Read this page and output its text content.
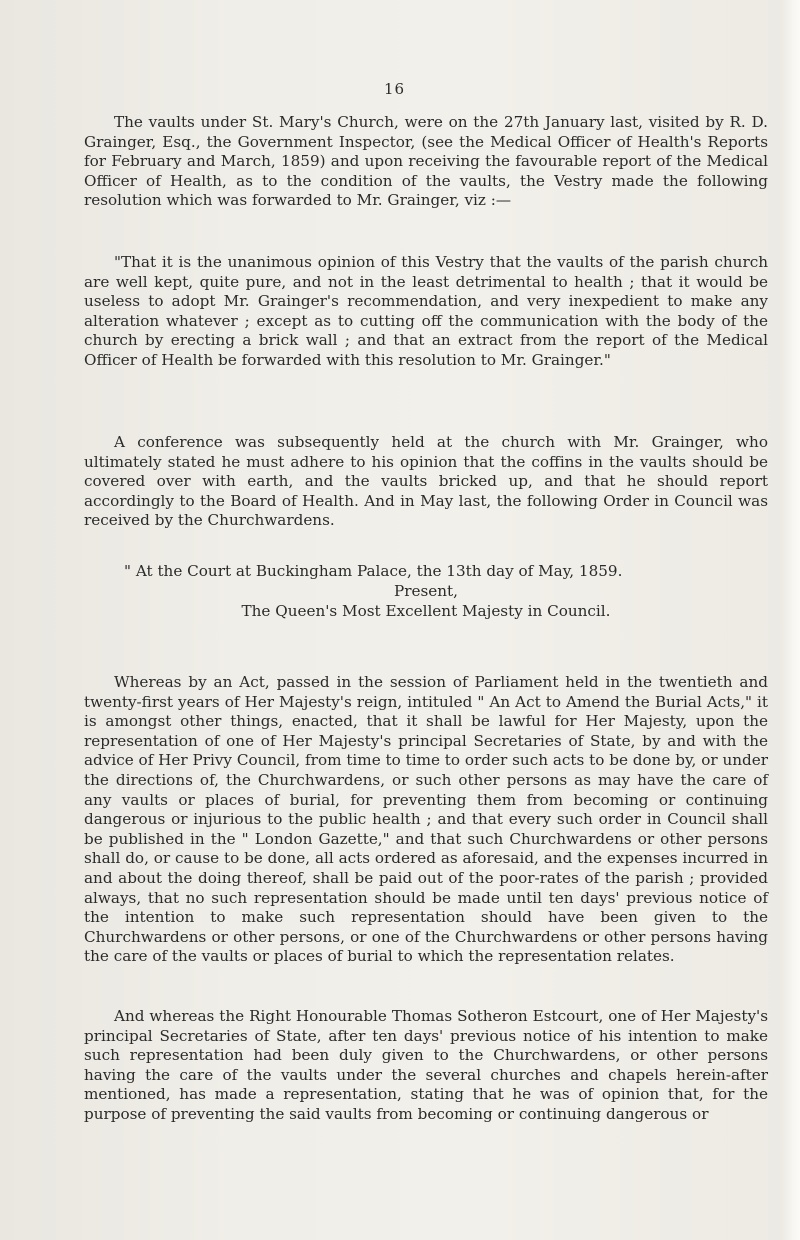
16

The vaults under St. Mary's Church, were on the 27th January last, visited by R. D. Grainger, Esq., the Government Inspector, (see the Medical Officer of Health's Reports for February and March, 1859) and upon receiving the favourable report of the Medical Officer of Health, as to the condition of the vaults, the Vestry made the following resolution which was forwarded to Mr. Grainger, viz :—

"That it is the unanimous opinion of this Vestry that the vaults of the parish church are well kept, quite pure, and not in the least detrimental to health ; that it would be useless to adopt Mr. Grainger's recommendation, and very inexpedient to make any alteration whatever ; except as to cutting off the communication with the body of the church by erecting a brick wall ; and that an extract from the report of the Medical Officer of Health be forwarded with this resolution to Mr. Grainger."

A conference was subsequently held at the church with Mr. Grainger, who ultimately stated he must adhere to his opinion that the coffins in the vaults should be covered over with earth, and the vaults bricked up, and that he should report accordingly to the Board of Health. And in May last, the following Order in Council was received by the Churchwardens.

" At the Court at Buckingham Palace, the 13th day of May, 1859.
Present,
The Queen's Most Excellent Majesty in Council.

Whereas by an Act, passed in the session of Parliament held in the twentieth and twenty-first years of Her Majesty's reign, intituled " An Act to Amend the Burial Acts," it is amongst other things, enacted, that it shall be lawful for Her Majesty, upon the representation of one of Her Majesty's principal Secretaries of State, by and with the advice of Her Privy Council, from time to time to order such acts to be done by, or under the directions of, the Churchwardens, or such other persons as may have the care of any vaults or places of burial, for preventing them from becoming or continuing dangerous or injurious to the public health ; and that every such order in Council shall be published in the " London Gazette," and that such Churchwardens or other persons shall do, or cause to be done, all acts ordered as aforesaid, and the expenses incurred in and about the doing thereof, shall be paid out of the poor-rates of the parish ; provided always, that no such representation should be made until ten days' previous notice of the intention to make such representation should have been given to the Churchwardens or other persons, or one of the Churchwardens or other persons having the care of the vaults or places of burial to which the representation relates.

And whereas the Right Honourable Thomas Sotheron Estcourt, one of Her Majesty's principal Secretaries of State, after ten days' previous notice of his intention to make such representation had been duly given to the Churchwardens, or other persons having the care of the vaults under the several churches and chapels herein-after mentioned, has made a representation, stating that he was of opinion that, for the purpose of preventing the said vaults from becoming or continuing dangerous or
